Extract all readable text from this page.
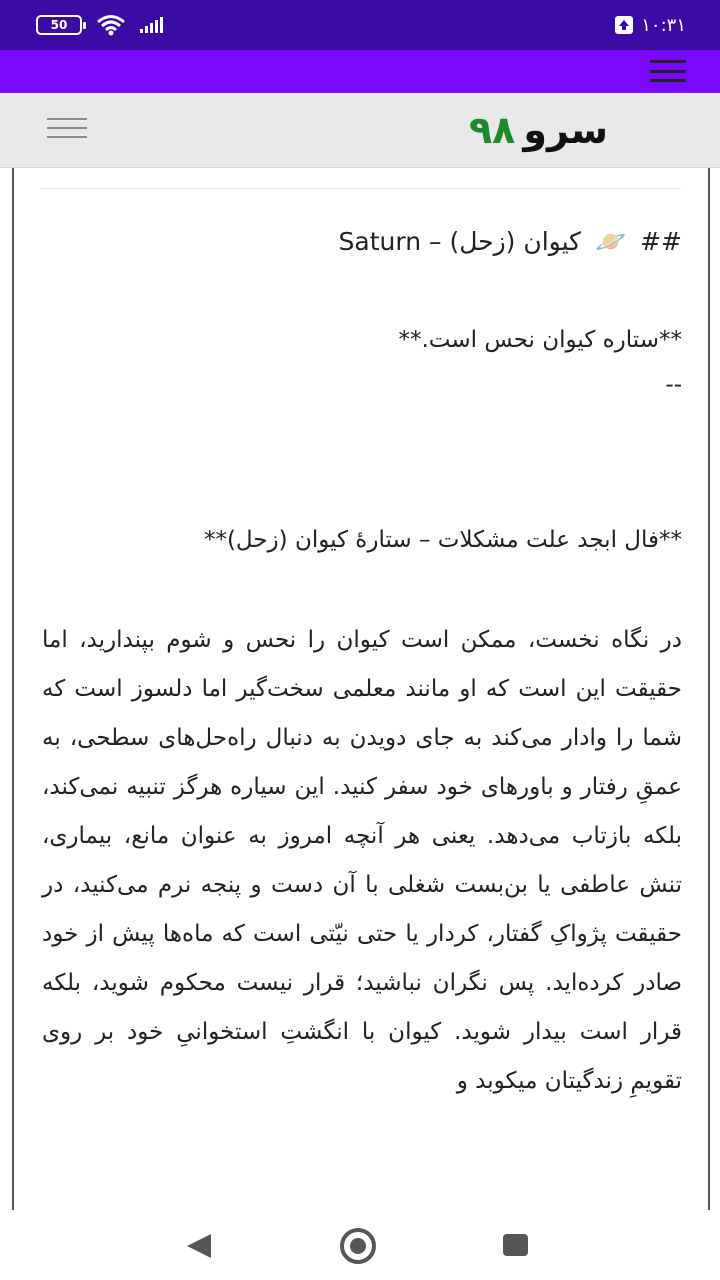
50	۱۰:۳۱
سرو۹۸
## 🪐 کیوان (زحل) – Saturn
**ستاره کیوان نحس است.**
--
**فال ابجد علت مشکلات – ستارهٔ کیوان (زحل)**
در نگاه نخست، ممکن است کیوان را نحس و شوم بپندارید، اما حقیقت این است که او مانند معلمی سخت‌گیر اما دلسوز است که شما را وادار می‌کند به جای دویدن به دنبال راه‌حل‌های سطحی، به عمقِ رفتار و باورهای خود سفر کنید. این سیاره هرگز تنبیه نمی‌کند، بلکه بازتاب می‌دهد. یعنی هر آنچه امروز به عنوان مانع، بیماری، تنش عاطفی یا بن‌بست شغلی با آن دست و پنجه نرم می‌کنید، در حقیقت پژواکِ گفتار، کردار یا حتی نیّتی است که ماه‌ها پیش از خود صادر کرده‌اید. پس نگران نباشید؛ قرار نیست محکوم شوید، بلکه قرار است بیدار شوید. کیوان با انگشتِ استخوانیِ خود بر روی تقویمِ زندگیتان میکوبد و
